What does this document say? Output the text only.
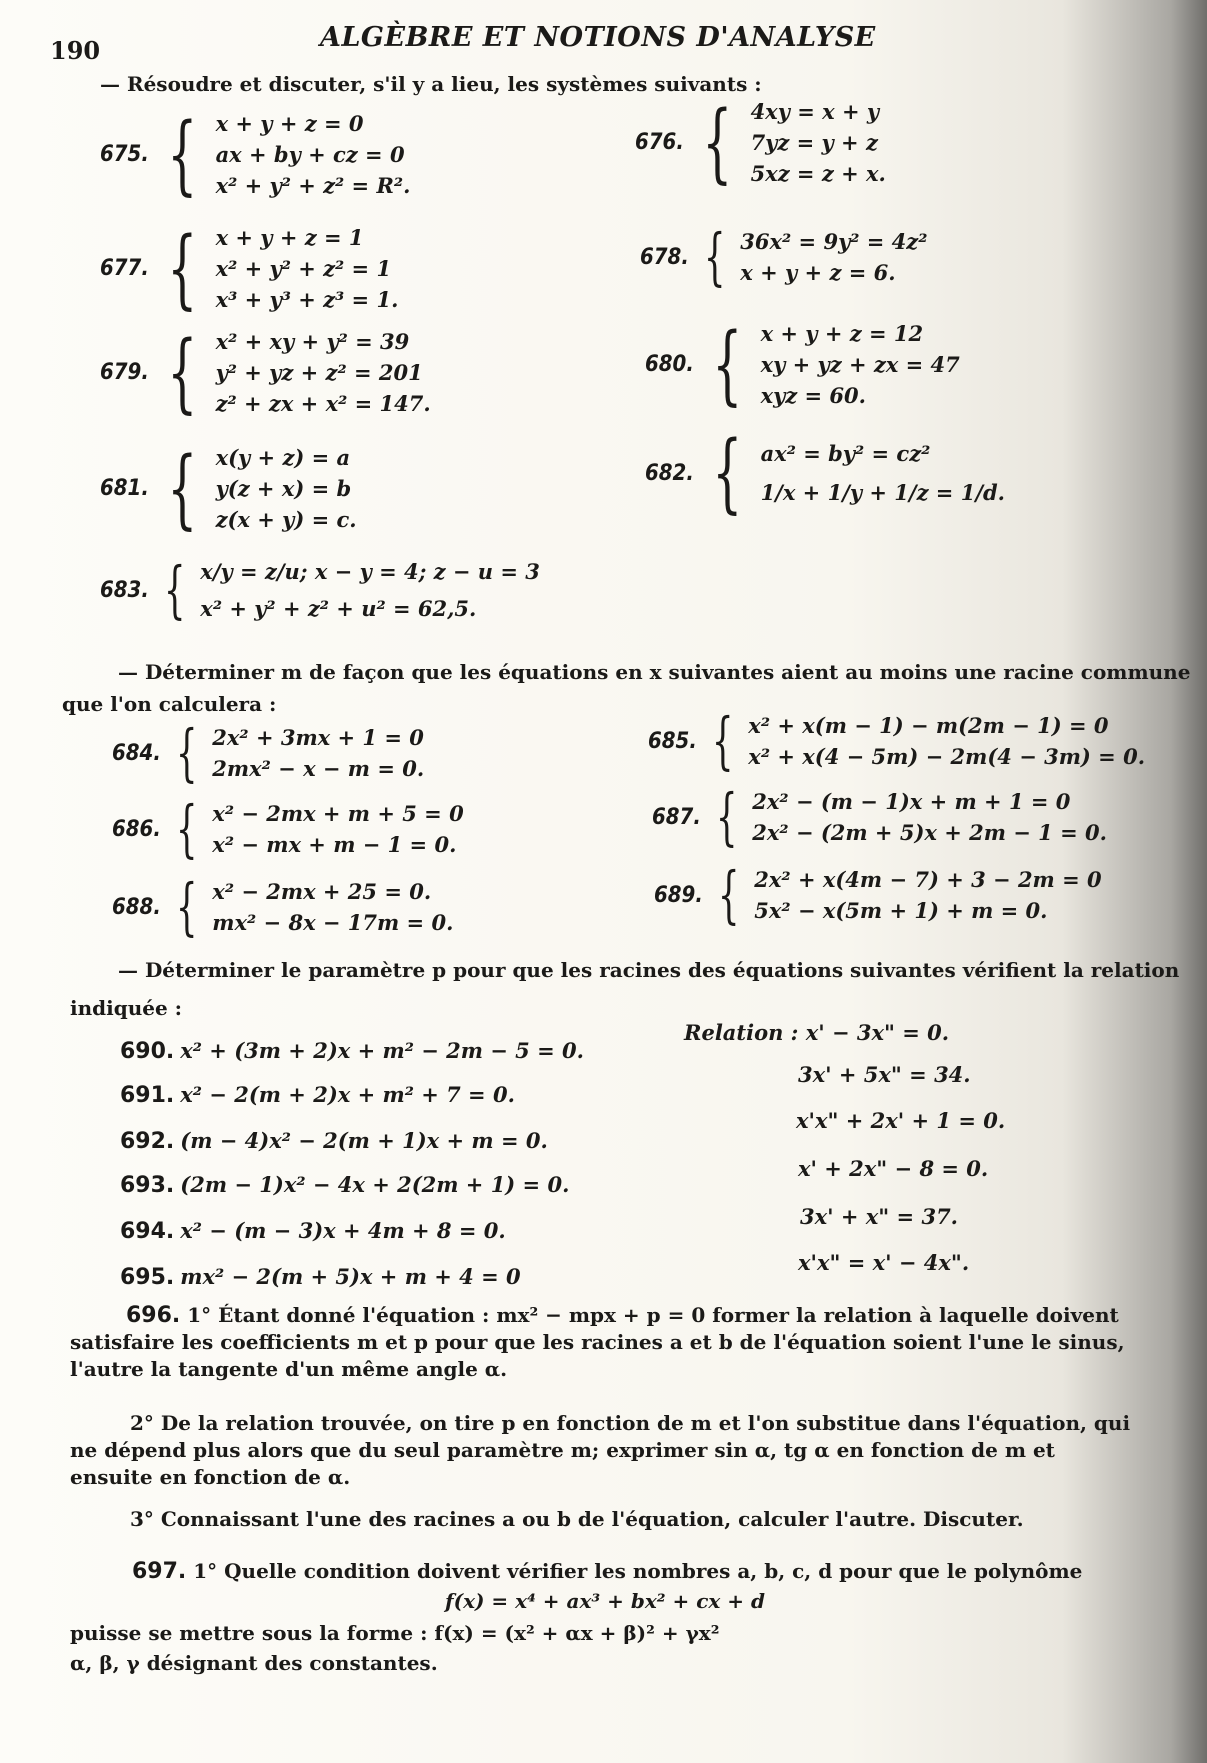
190	ALGÈBRE ET NOTIONS D'ANALYSE
— Résoudre et discuter, s'il y a lieu, les systèmes suivants :
675. { x + y + z = 0
ax + by + cz = 0
x² + y² + z² = R².
676. { 4xy = x + y
7yz = y + z
5xz = z + x.
677. { x + y + z = 1
x² + y² + z² = 1
x³ + y³ + z³ = 1.
678. { 36x² = 9y² = 4z²
x + y + z = 6.
679. { x² + xy + y² = 39
y² + yz + z² = 201
z² + zx + x² = 147.
680. { x + y + z = 12
xy + yz + zx = 47
xyz = 60.
681. { x(y + z) = a
y(z + x) = b
z(x + y) = c.
682. { ax² = by² = cz²
1/x + 1/y + 1/z = 1/d.
683. { x/y = z/u; x − y = 4; z − u = 3
x² + y² + z² + u² = 62,5.
— Déterminer m de façon que les équations en x suivantes aient au moins une racine commune
que l'on calculera :
684. { 2x² + 3mx + 1 = 0
2mx² − x − m = 0.
685. { x² + x(m − 1) − m(2m − 1) = 0
x² + x(4 − 5m) − 2m(4 − 3m) = 0.
686. { x² − 2mx + m + 5 = 0
x² − mx + m − 1 = 0.
687. { 2x² − (m − 1)x + m + 1 = 0
2x² − (2m + 5)x + 2m − 1 = 0.
688. { x² − 2mx + 25 = 0.
mx² − 8x − 17m = 0.
689. { 2x² + x(4m − 7) + 3 − 2m = 0
5x² − x(5m + 1) + m = 0.
— Déterminer le paramètre p pour que les racines des équations suivantes vérifient la relation
indiquée :
690. x² + (3m + 2)x + m² − 2m − 5 = 0.
Relation : x' − 3x" = 0.
691. x² − 2(m + 2)x + m² + 7 = 0.
3x' + 5x" = 34.
692. (m − 4)x² − 2(m + 1)x + m = 0.
x'x" + 2x' + 1 = 0.
693. (2m − 1)x² − 4x + 2(2m + 1) = 0.
x' + 2x" − 8 = 0.
694. x² − (m − 3)x + 4m + 8 = 0.
3x' + x" = 37.
695. mx² − 2(m + 5)x + m + 4 = 0
x'x" = x' − 4x".
696. 1° Étant donné l'équation : mx² − mpx + p = 0 former la relation à laquelle doivent satisfaire les coefficients m et p pour que les racines a et b de l'équation soient l'une le sinus, l'autre la tangente d'un même angle α.
2° De la relation trouvée, on tire p en fonction de m et l'on substitue dans l'équation, qui ne dépend plus alors que du seul paramètre m; exprimer sin α, tg α en fonction de m et ensuite en fonction de α.
3° Connaissant l'une des racines a ou b de l'équation, calculer l'autre. Discuter.
697. 1° Quelle condition doivent vérifier les nombres a, b, c, d pour que le polynôme
f(x) = x⁴ + ax³ + bx² + cx + d
puisse se mettre sous la forme : f(x) = (x² + αx + β)² + γx²
α, β, γ désignant des constantes.
